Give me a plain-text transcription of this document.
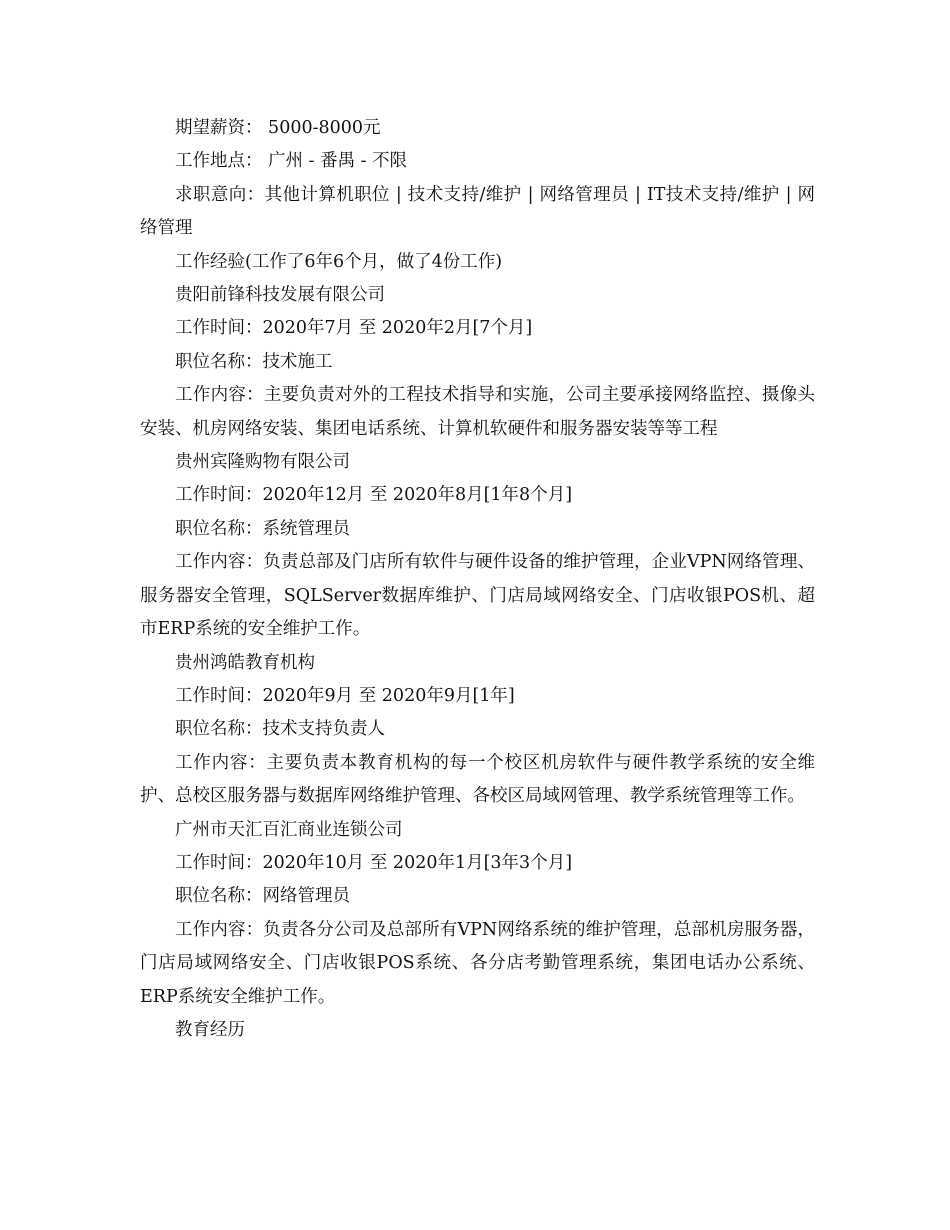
期望薪资： 5000-8000元

工作地点： 广州 - 番禺 - 不限

求职意向：其他计算机职位 | 技术支持/维护 | 网络管理员 | IT技术支持/维护 | 网络管理

工作经验(工作了6年6个月，做了4份工作)

贵阳前锋科技发展有限公司

工作时间：2020年7月 至 2020年2月[7个月]

职位名称：技术施工

工作内容：主要负责对外的工程技术指导和实施，公司主要承接网络监控、摄像头安装、机房网络安装、集团电话系统、计算机软硬件和服务器安装等等工程

贵州宾隆购物有限公司

工作时间：2020年12月 至 2020年8月[1年8个月]

职位名称：系统管理员

工作内容：负责总部及门店所有软件与硬件设备的维护管理，企业VPN网络管理、服务器安全管理，SQLServer数据库维护、门店局域网络安全、门店收银POS机、超市ERP系统的安全维护工作。

贵州鸿皓教育机构

工作时间：2020年9月 至 2020年9月[1年]

职位名称：技术支持负责人

工作内容：主要负责本教育机构的每一个校区机房软件与硬件教学系统的安全维护、总校区服务器与数据库网络维护管理、各校区局域网管理、教学系统管理等工作。

广州市天汇百汇商业连锁公司

工作时间：2020年10月 至 2020年1月[3年3个月]

职位名称：网络管理员

工作内容：负责各分公司及总部所有VPN网络系统的维护管理，总部机房服务器，门店局域网络安全、门店收银POS系统、各分店考勤管理系统，集团电话办公系统、ERP系统安全维护工作。

教育经历
